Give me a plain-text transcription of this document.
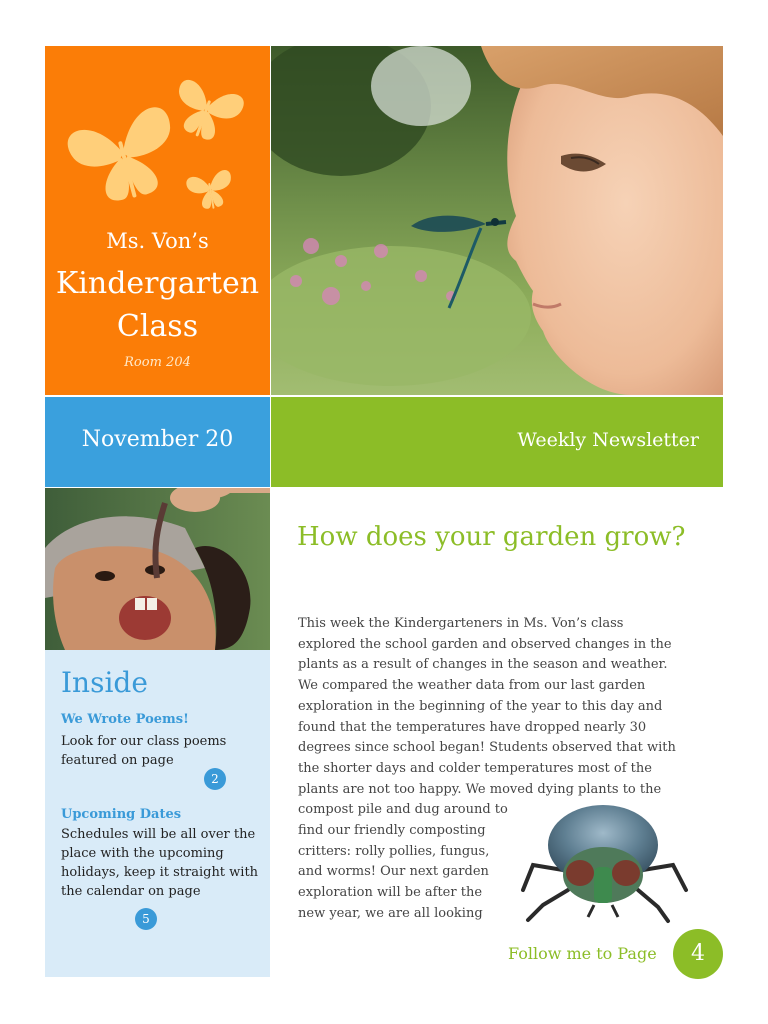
Ms. Von’s
Kindergarten
Class
Room 204
November 20	Weekly Newsletter
Inside
We Wrote Poems!
Look for our class poems featured on page
2
Upcoming Dates
Schedules will be all over the place with the upcoming holidays, keep it straight with the calendar on page
5
How does your garden grow?
This week the Kindergarteners in Ms. Von’s class
explored the school garden and observed changes in the
plants as a result of changes in the season and weather.
We compared the weather data from our last garden
exploration in the beginning of the year to this day and
found that the temperatures have dropped nearly 30
degrees since school began! Students observed that with
the shorter days and colder temperatures most of the
plants are not too happy. We moved dying plants to the
compost pile and dug around to
find our friendly composting
critters: rolly pollies, fungus,
and worms! Our next garden
exploration will be after the
new year, we are all looking
Follow me to Page	4
